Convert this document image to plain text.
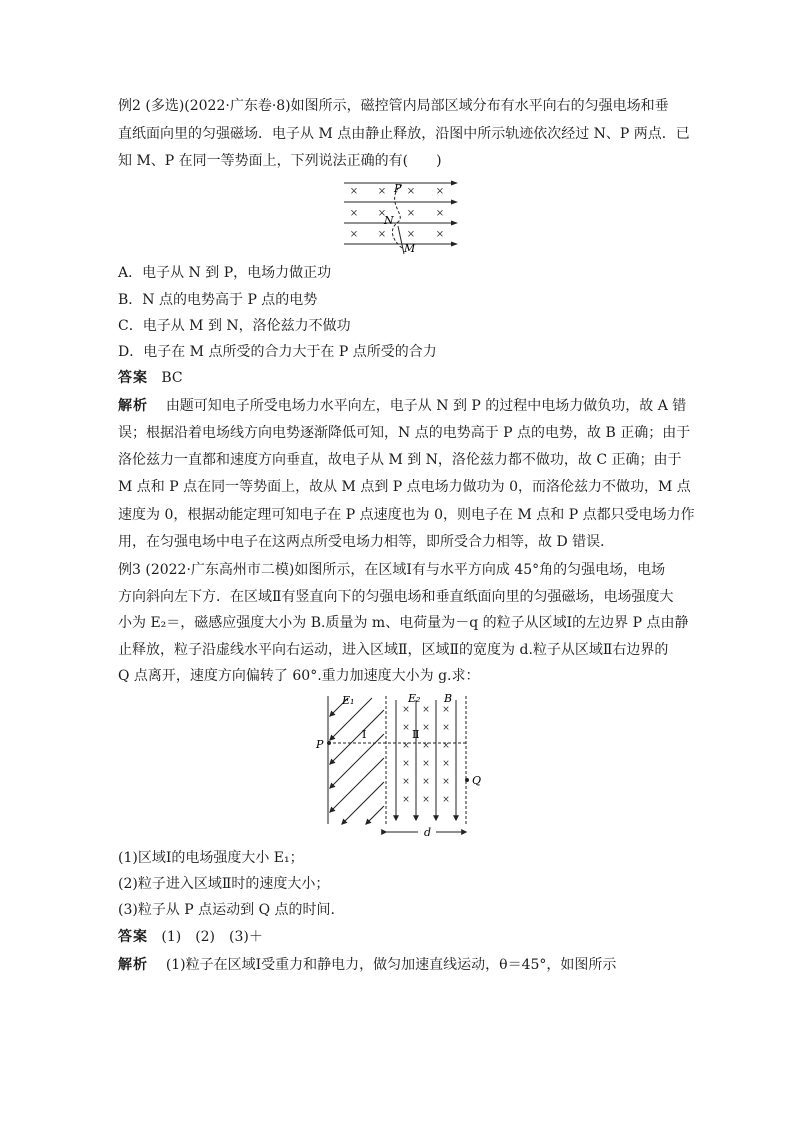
例2 (多选)(2022·广东卷·8)如图所示，磁控管内局部区域分布有水平向右的匀强电场和垂
直纸面向里的匀强磁场．电子从 M 点由静止释放，沿图中所示轨迹依次经过 N、P 两点．已
知 M、P 在同一等势面上，下列说法正确的有(　　)
× × × ×
× × × ×
× × × ×
P
N
M
A．电子从 N 到 P，电场力做正功
B．N 点的电势高于 P 点的电势
C．电子从 M 到 N，洛伦兹力不做功
D．电子在 M 点所受的合力大于在 P 点所受的合力
答案 BC
解析 由题可知电子所受电场力水平向左，电子从 N 到 P 的过程中电场力做负功，故 A 错
误；根据沿着电场线方向电势逐渐降低可知，N 点的电势高于 P 点的电势，故 B 正确；由于
洛伦兹力一直都和速度方向垂直，故电子从 M 到 N，洛伦兹力都不做功，故 C 正确；由于
M 点和 P 点在同一等势面上，故从 M 点到 P 点电场力做功为 0，而洛伦兹力不做功，M 点
速度为 0，根据动能定理可知电子在 P 点速度也为 0，则电子在 M 点和 P 点都只受电场力作
用，在匀强电场中电子在这两点所受电场力相等，即所受合力相等，故 D 错误．
例3 (2022·广东高州市二模)如图所示，在区域Ⅰ有与水平方向成 45°角的匀强电场，电场
方向斜向左下方．在区域Ⅱ有竖直向下的匀强电场和垂直纸面向里的匀强磁场，电场强度大
小为 E₂＝，磁感应强度大小为 B.质量为 m、电荷量为－q 的粒子从区域Ⅰ的左边界 P 点由静
止释放，粒子沿虚线水平向右运动，进入区域Ⅱ，区域Ⅱ的宽度为 d.粒子从区域Ⅱ右边界的
Q 点离开，速度方向偏转了 60°.重力加速度大小为 g.求：
× × ×
× × ×
× × ×
× × ×
× × ×
× × ×
P
Q
E₁	E₂ B
Ⅰ	Ⅱ
d
(1)区域Ⅰ的电场强度大小 E₁；
(2)粒子进入区域Ⅱ时的速度大小；
(3)粒子从 P 点运动到 Q 点的时间.
答案 (1)　(2)　(3)＋
解析 (1)粒子在区域Ⅰ受重力和静电力，做匀加速直线运动，θ＝45°，如图所示
